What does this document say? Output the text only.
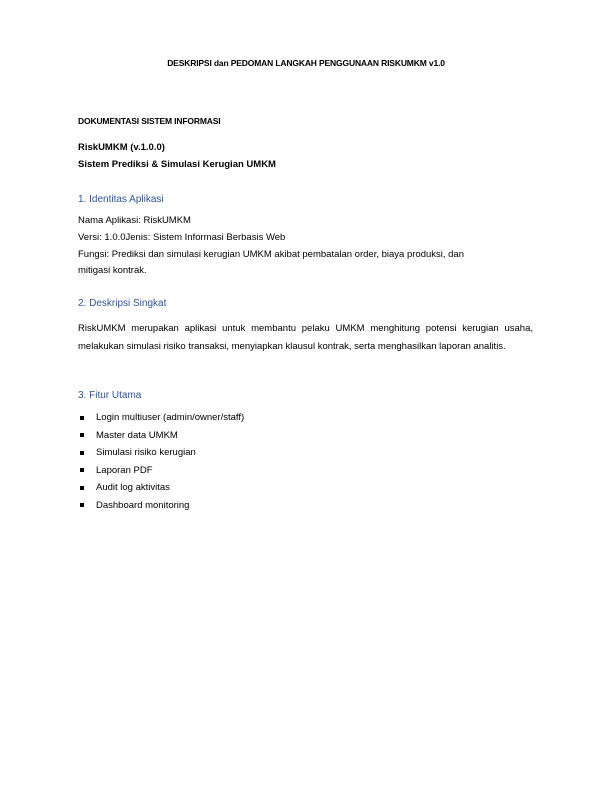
DESKRIPSI dan PEDOMAN LANGKAH PENGGUNAAN RISKUMKM v1.0
DOKUMENTASI SISTEM INFORMASI
RiskUMKM (v.1.0.0)
Sistem Prediksi & Simulasi Kerugian UMKM
1. Identitas Aplikasi
Nama Aplikasi: RiskUMKM
Versi: 1.0.0Jenis: Sistem Informasi Berbasis Web
Fungsi: Prediksi dan simulasi kerugian UMKM akibat pembatalan order, biaya produksi, dan
mitigasi kontrak.
2. Deskripsi Singkat
RiskUMKM merupakan aplikasi untuk membantu pelaku UMKM menghitung potensi kerugian usaha, melakukan simulasi risiko transaksi, menyiapkan klausul kontrak, serta menghasilkan laporan analitis.
3. Fitur Utama
Login multiuser (admin/owner/staff)
Master data UMKM
Simulasi risiko kerugian
Laporan PDF
Audit log aktivitas
Dashboard monitoring
